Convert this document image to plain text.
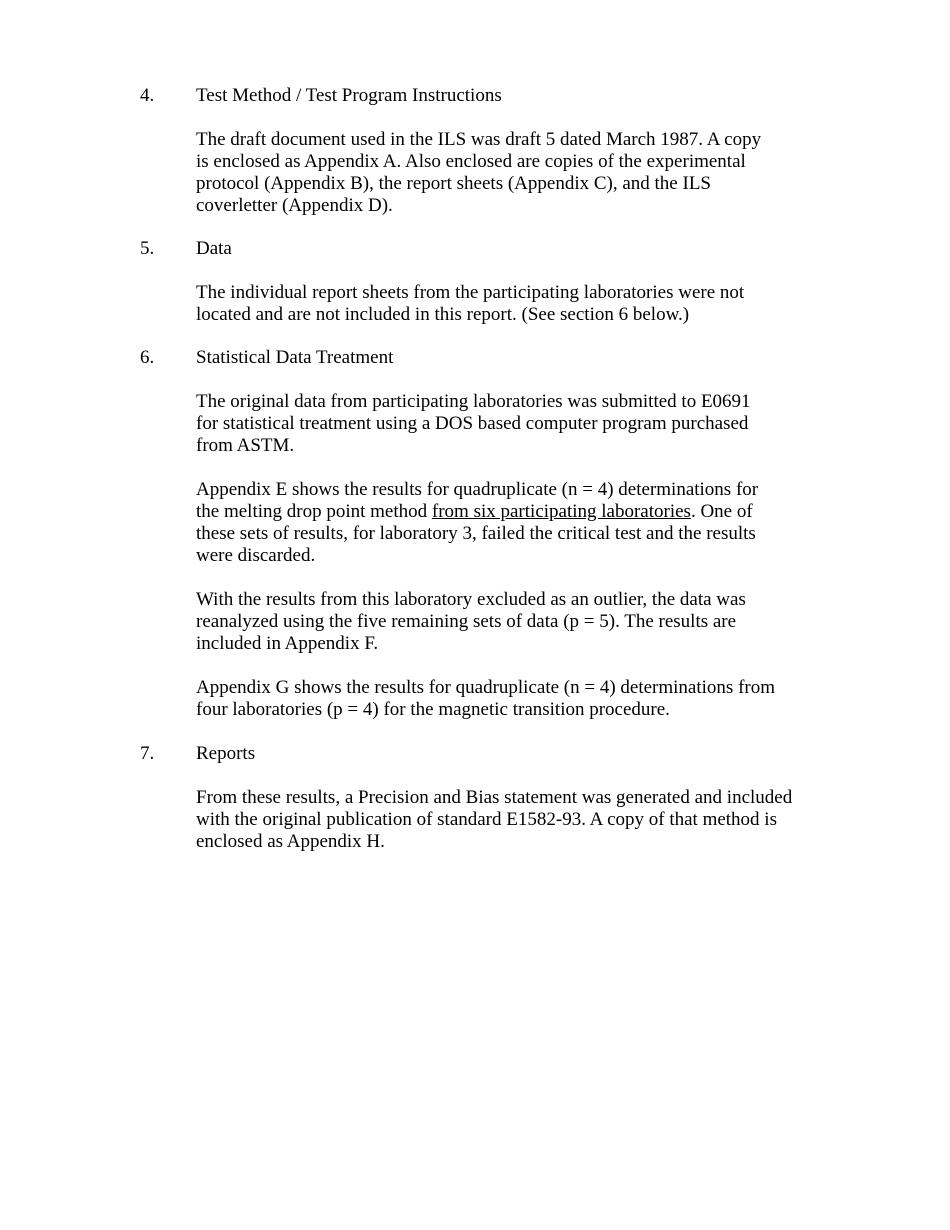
4. Test Method / Test Program Instructions
The draft document used in the ILS was draft 5 dated March 1987. A copy
is enclosed as Appendix A. Also enclosed are copies of the experimental
protocol (Appendix B), the report sheets (Appendix C), and the ILS
coverletter (Appendix D).
5. Data
The individual report sheets from the participating laboratories were not
located and are not included in this report. (See section 6 below.)
6. Statistical Data Treatment
The original data from participating laboratories was submitted to E0691
for statistical treatment using a DOS based computer program purchased
from ASTM.
Appendix E shows the results for quadruplicate (n = 4) determinations for
the melting drop point method from six participating laboratories. One of
these sets of results, for laboratory 3, failed the critical test and the results
were discarded.
With the results from this laboratory excluded as an outlier, the data was
reanalyzed using the five remaining sets of data (p = 5). The results are
included in Appendix F.
Appendix G shows the results for quadruplicate (n = 4) determinations from
four laboratories (p = 4) for the magnetic transition procedure.
7. Reports
From these results, a Precision and Bias statement was generated and included
with the original publication of standard E1582-93. A copy of that method is
enclosed as Appendix H.
